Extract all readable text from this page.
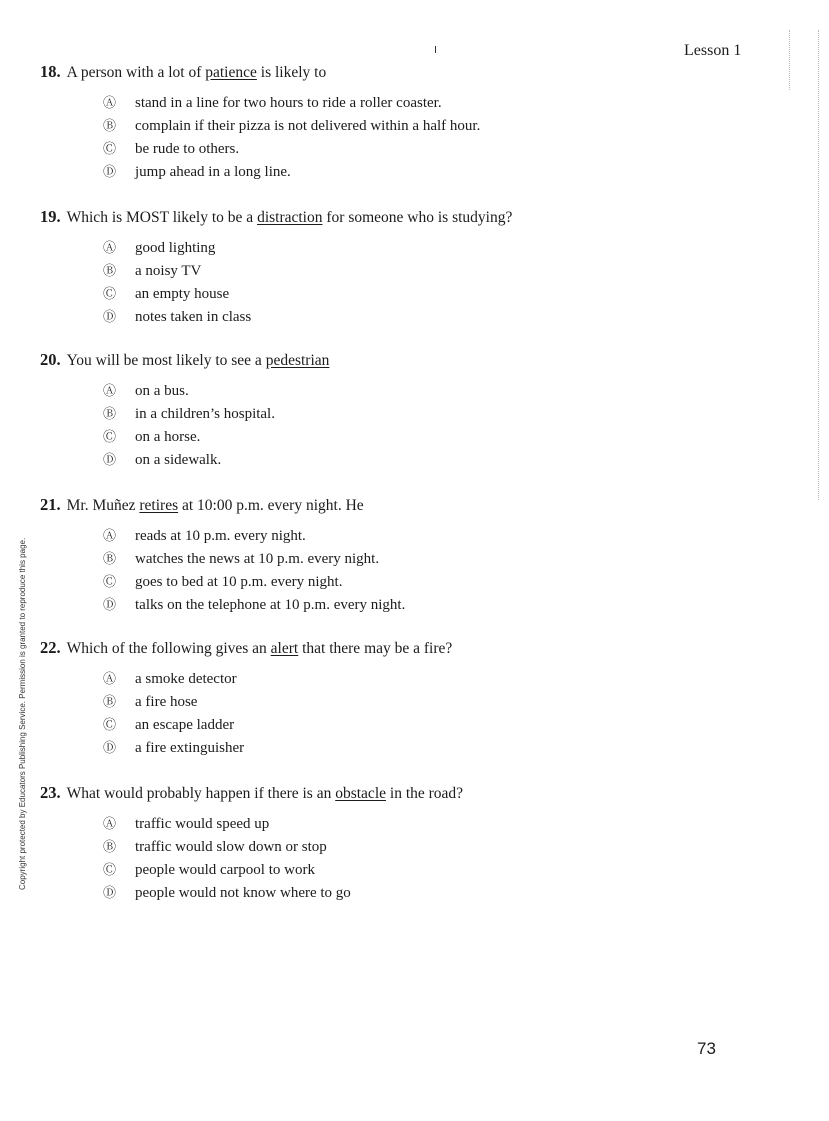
Lesson 1
18. A person with a lot of patience is likely to
Ⓐ	stand in a line for two hours to ride a roller coaster.
Ⓑ	complain if their pizza is not delivered within a half hour.
Ⓒ	be rude to others.
Ⓓ	jump ahead in a long line.
19. Which is MOST likely to be a distraction for someone who is studying?
Ⓐ	good lighting
Ⓑ	a noisy TV
Ⓒ	an empty house
Ⓓ	notes taken in class
20. You will be most likely to see a pedestrian
Ⓐ	on a bus.
Ⓑ	in a children’s hospital.
Ⓒ	on a horse.
Ⓓ	on a sidewalk.
21. Mr. Muñez retires at 10:00 p.m. every night. He
Ⓐ	reads at 10 p.m. every night.
Ⓑ	watches the news at 10 p.m. every night.
Ⓒ	goes to bed at 10 p.m. every night.
Ⓓ	talks on the telephone at 10 p.m. every night.
22. Which of the following gives an alert that there may be a fire?
Ⓐ	a smoke detector
Ⓑ	a fire hose
Ⓒ	an escape ladder
Ⓓ	a fire extinguisher
23. What would probably happen if there is an obstacle in the road?
Ⓐ	traffic would speed up
Ⓑ	traffic would slow down or stop
Ⓒ	people would carpool to work
Ⓓ	people would not know where to go
Copyright protected by Educators Publishing Service. Permission is granted to reproduce this page.
73
